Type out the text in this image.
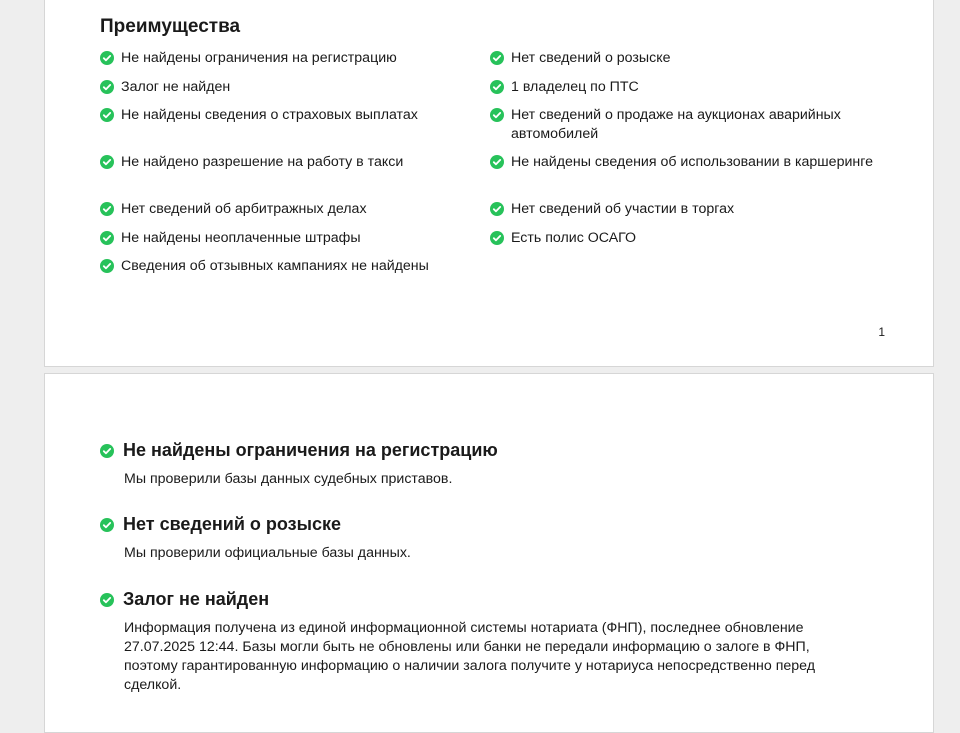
Преимущества
Не найдены ограничения на регистрацию
Залог не найден
Не найдены сведения о страховых выплатах
Не найдено разрешение на работу в такси
Нет сведений об арбитражных делах
Не найдены неоплаченные штрафы
Сведения об отзывных кампаниях не найдены
Нет сведений о розыске
1 владелец по ПТС
Нет сведений о продаже на аукционах аварийных автомобилей
Не найдены сведения об использовании в каршеринге
Нет сведений об участии в торгах
Есть полис ОСАГО
1
Не найдены ограничения на регистрацию

Мы проверили базы данных судебных приставов.

Нет сведений о розыске

Мы проверили официальные базы данных.

Залог не найден

Информация получена из единой информационной системы нотариата (ФНП), последнее обновление 27.07.2025 12:44. Базы могли быть не обновлены или банки не передали информацию о залоге в ФНП, поэтому гарантированную информацию о наличии залога получите у нотариуса непосредственно перед сделкой.
